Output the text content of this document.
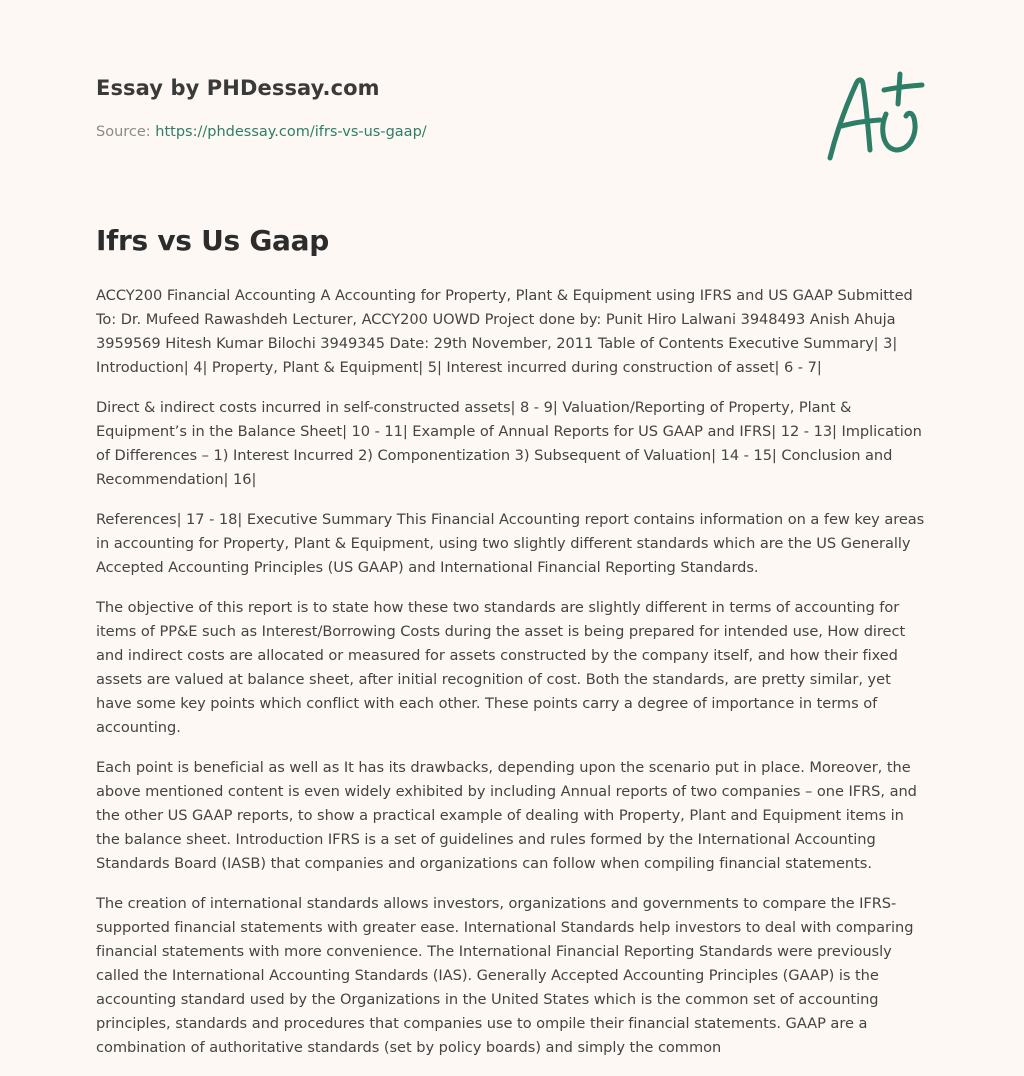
Essay by PHDessay.com
Source: https://phdessay.com/ifrs-vs-us-gaap/
Ifrs vs Us Gaap

ACCY200 Financial Accounting A Accounting for Property, Plant & Equipment using IFRS and US GAAP Submitted To: Dr. Mufeed Rawashdeh Lecturer, ACCY200 UOWD Project done by: Punit Hiro Lalwani 3948493 Anish Ahuja 3959569 Hitesh Kumar Bilochi 3949345 Date: 29th November, 2011 Table of Contents Executive Summary| 3| Introduction| 4| Property, Plant & Equipment| 5| Interest incurred during construction of asset| 6 - 7|

Direct & indirect costs incurred in self-constructed assets| 8 - 9| Valuation/Reporting of Property, Plant & Equipment’s in the Balance Sheet| 10 - 11| Example of Annual Reports for US GAAP and IFRS| 12 - 13| Implication of Differences – 1) Interest Incurred 2) Componentization 3) Subsequent of Valuation| 14 - 15| Conclusion and Recommendation| 16|

References| 17 - 18| Executive Summary This Financial Accounting report contains information on a few key areas in accounting for Property, Plant & Equipment, using two slightly different standards which are the US Generally Accepted Accounting Principles (US GAAP) and International Financial Reporting Standards.

The objective of this report is to state how these two standards are slightly different in terms of accounting for items of PP&E such as Interest/Borrowing Costs during the asset is being prepared for intended use, How direct and indirect costs are allocated or measured for assets constructed by the company itself, and how their fixed assets are valued at balance sheet, after initial recognition of cost. Both the standards, are pretty similar, yet have some key points which conflict with each other. These points carry a degree of importance in terms of accounting.

Each point is beneficial as well as It has its drawbacks, depending upon the scenario put in place. Moreover, the above mentioned content is even widely exhibited by including Annual reports of two companies – one IFRS, and the other US GAAP reports, to show a practical example of dealing with Property, Plant and Equipment items in the balance sheet. Introduction IFRS is a set of guidelines and rules formed by the International Accounting Standards Board (IASB) that companies and organizations can follow when compiling financial statements.

The creation of international standards allows investors, organizations and governments to compare the IFRS-supported financial statements with greater ease. International Standards help investors to deal with comparing financial statements with more convenience. The International Financial Reporting Standards were previously called the International Accounting Standards (IAS). Generally Accepted Accounting Principles (GAAP) is the accounting standard used by the Organizations in the United States which is the common set of accounting principles, standards and procedures that companies use to ompile their financial statements. GAAP are a combination of authoritative standards (set by policy boards) and simply the common
